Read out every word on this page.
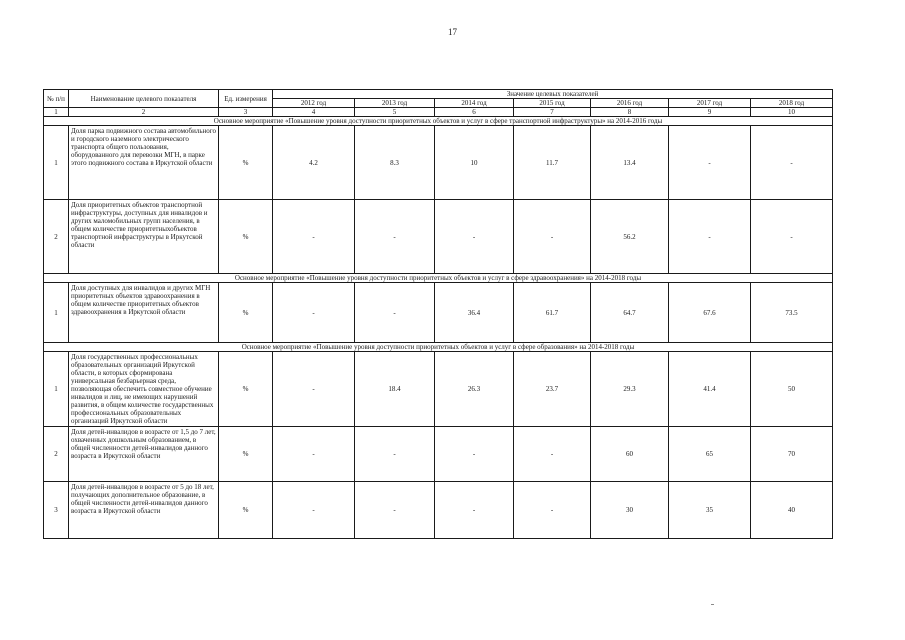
17
№ п/п	Наименование целевого показателя	Ед. измерения	Значение целевых показателей						
			2012 год	2013 год	2014 год	2015 год	2016 год	2017 год	2018 год
1	2	3	4	5	6	7	8	9	10
Основное мероприятие «Повышение уровня доступности приоритетных объектов и услуг в сфере транспортной инфраструктуры» на 2014-2016 годы									
1	Доля парка подвижного состава автомобильного и городского наземного электрического транспорта общего пользования, оборудованного для перевозки МГН, в парке этого подвижного состава в Иркутской области	%	4.2	8.3	10	11.7	13.4	-	-
2	Доля приоритетных объектов транспортной инфраструктуры, доступных для инвалидов и других маломобильных групп населения, в общем количестве приоритетныхобъектов транспортной инфраструктуры в Иркутской области	%	-	-	-	-	56.2	-	-
Основное мероприятие «Повышение уровня доступности приоритетных объектов и услуг в сфере здравоохранения» на 2014-2018 годы									
1	Доля доступных для инвалидов и других МГН приоритетных объектов здравоохранения в общем количестве приоритетных объектов здравоохранения в Иркутской области	%	-	-	36.4	61.7	64.7	67.6	73.5
Основное мероприятие «Повышение уровня доступности приоритетных объектов и услуг в сфере образования» на 2014-2018 годы									
1	Доля государственных профессиональных образовательных организаций Иркутской области, в которых сформирована универсальная безбарьерная среда, позволяющая обеспечить совместное обучение инвалидов и лиц, не имеющих нарушений развития, в общем количестве государственных профессиональных образовательных организаций Иркутской области	%	-	18.4	26.3	23.7	29.3	41.4	50
2	Доля детей-инвалидов в возрасте от 1,5 до 7 лет, охваченных дошкольным образованием, в общей численности детей-инвалидов данного возраста в Иркутской области	%	-	-	-	-	60	65	70
3	Доля детей-инвалидов в возрасте от 5 до 18 лет, получающих дополнительное образование, в общей численности детей-инвалидов данного возраста в Иркутской области	%	-	-	-	-	30	35	40
